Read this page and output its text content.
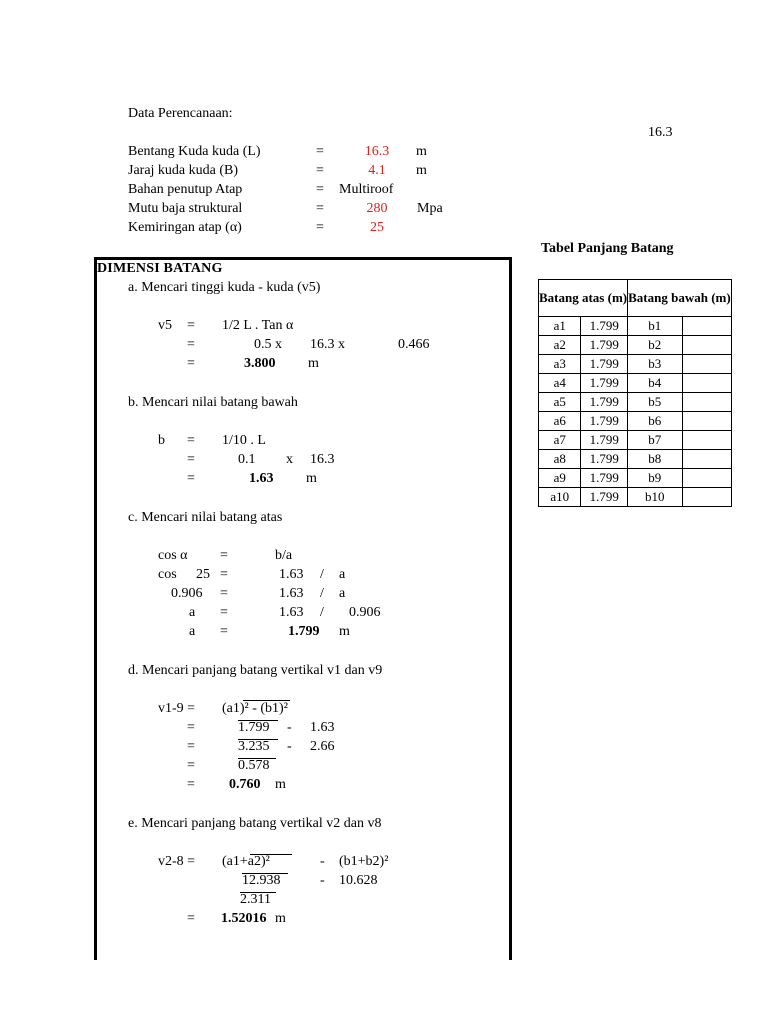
Data Perencanaan:
16.3
Bentang Kuda kuda (L)	=	16.3	m
Jaraj kuda kuda (B)	=	4.1	m
Bahan penutup Atap	= Multiroof
Mutu baja struktural	=	280	Mpa
Kemiringan atap (α)	=	25
Tabel Panjang Batang
DIMENSI BATANG
a. Mencari tinggi kuda - kuda (v5)
v5 = 1/2 L . Tan α
=	0.5 x 16.3 x	0.466
=	3.800 m
b. Mencari nilai batang bawah
b = 1/10 . L
=	0.1 x 16.3
=	1.63 m
c. Mencari nilai batang atas
cos α =	b/a
cos 25 =	1.63 / a
0.906 =	1.63 / a
a =	1.63 / 0.906
a =	1.799 m
d. Mencari panjang batang vertikal v1 dan v9
v1-9 = (a1)² - (b1)²
=	1.799 - 1.63
=	3.235 - 2.66
=	0.578
= 0.760 m
e. Mencari panjang batang vertikal v2 dan v8
v2-8 = (a1+a2)²	- (b1+b2)²
12.938	- 10.628
2.311
= 1.52016 m
Batang atas (m)		Batang bawah (m)	
a1	1.799	b1	
a2	1.799	b2	
a3	1.799	b3	
a4	1.799	b4	
a5	1.799	b5	
a6	1.799	b6	
a7	1.799	b7	
a8	1.799	b8	
a9	1.799	b9	
a10	1.799	b10	
